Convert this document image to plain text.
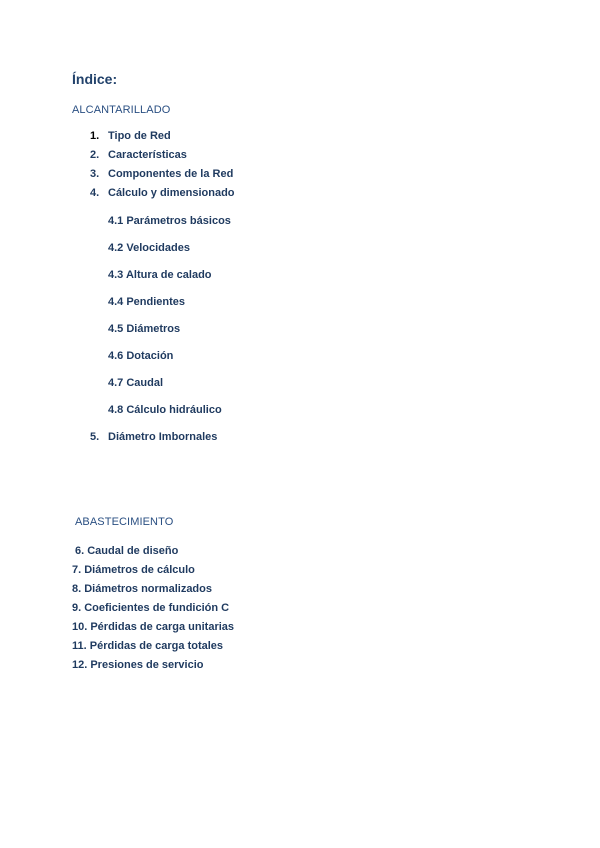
Índice:
ALCANTARILLADO
1. Tipo de Red
2. Características
3. Componentes de la Red
4. Cálculo y dimensionado
4.1 Parámetros básicos
4.2 Velocidades
4.3 Altura de calado
4.4 Pendientes
4.5 Diámetros
4.6 Dotación
4.7 Caudal
4.8 Cálculo hidráulico
5. Diámetro Imbornales
ABASTECIMIENTO
6. Caudal de diseño
7. Diámetros de cálculo
8. Diámetros normalizados
9. Coeficientes de fundición C
10. Pérdidas de carga unitarias
11. Pérdidas de carga totales
12. Presiones de servicio
